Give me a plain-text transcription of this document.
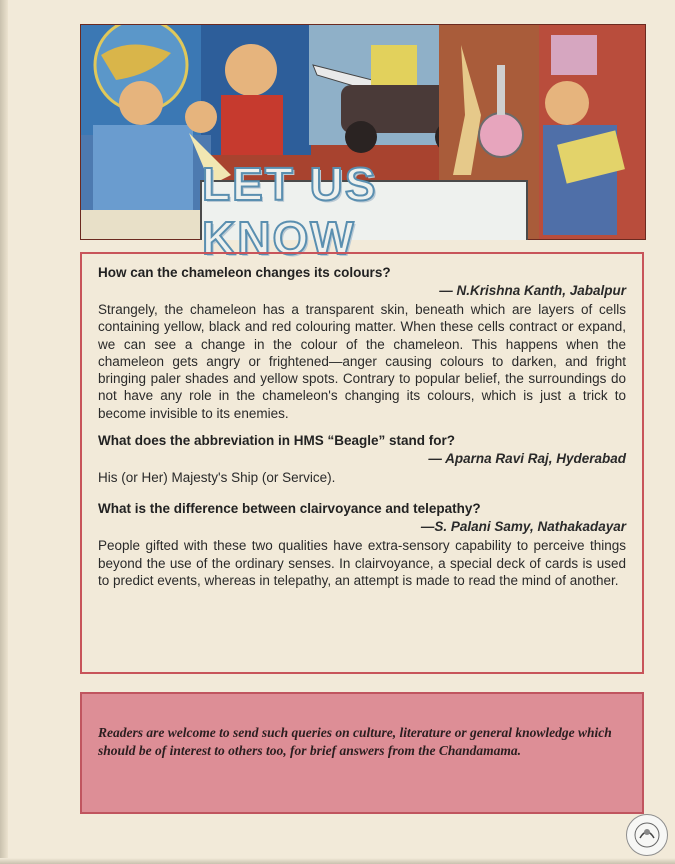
LET US KNOW

How can the chameleon changes its colours?

— N.Krishna Kanth, Jabalpur

Strangely, the chameleon has a transparent skin, beneath which are layers of cells containing yellow, black and red colouring matter. When these cells contract or expand, we can see a change in the colour of the chameleon. This happens when the chameleon gets angry or frightened—anger causing colours to darken, and fright bringing paler shades and yellow spots. Contrary to popular belief, the surroundings do not have any role in the chameleon's changing its colours, which is just a trick to become invisible to its enemies.

What does the abbreviation in HMS “Beagle” stand for?

— Aparna Ravi Raj, Hyderabad

His (or Her) Majesty's Ship (or Service).

What is the difference between clairvoyance and telepathy?

—S. Palani Samy, Nathakadayar

People gifted with these two qualities have extra-sensory capability to perceive things beyond the use of the ordinary senses. In clairvoyance, a special deck of cards is used to predict events, whereas in telepathy, an attempt is made to read the mind of another.

Readers are welcome to send such queries on culture, literature or general knowledge which should be of interest to others too, for brief answers from the Chandamama.
